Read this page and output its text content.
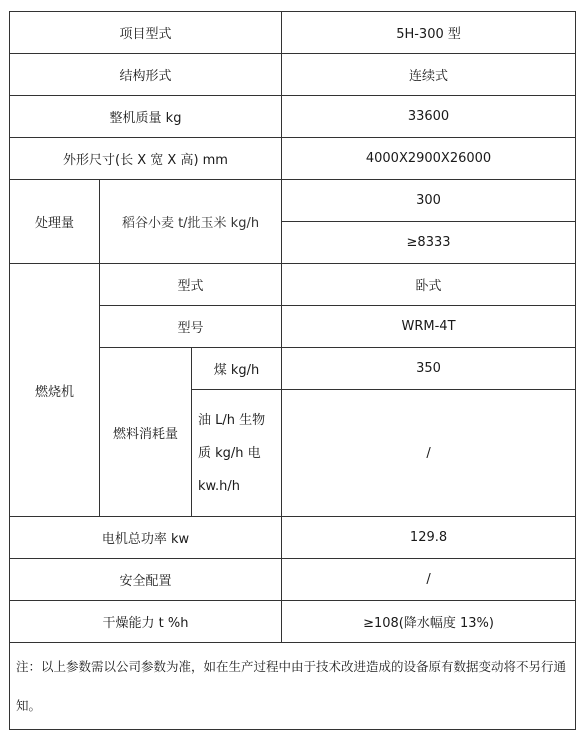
项目型式			5H-300 型
结构形式			连续式
整机质量 kg			33600
外形尺寸(长 X 宽 X 高) mm			4000X2900X26000
处理量	稻谷小麦 t/批玉米 kg/h		300
			≥8333
燃烧机	型式		卧式
	型号		WRM-4T
	燃料消耗量	煤 kg/h	350
		油 L/h 生物质 kg/h 电 kw.h/h	/
电机总功率 kw			129.8
安全配置			/
干燥能力 t %h			≥108(降水幅度 13%)
注：以上参数需以公司参数为准，如在生产过程中由于技术改进造成的设备原有数据变动将不另行通知。			
